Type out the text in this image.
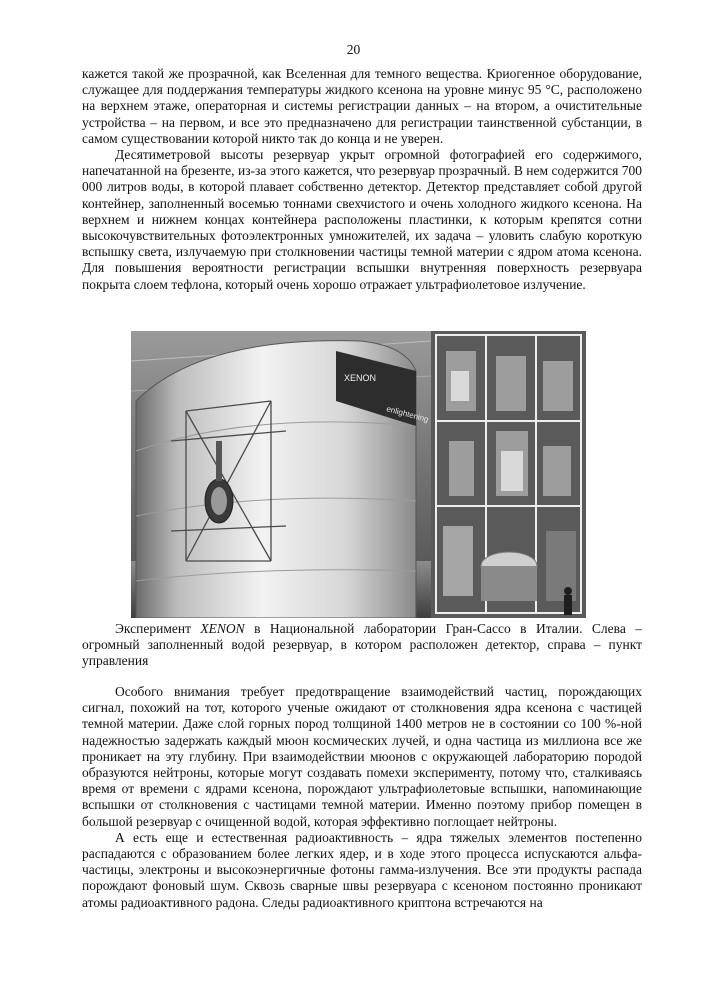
20

кажется такой же прозрачной, как Вселенная для темного вещества. Криогенное оборудование, служащее для поддержания температуры жидкого ксенона на уровне минус 95 °С, расположено на верхнем этаже, операторная и системы регистрации данных – на втором, а очистительные устройства – на первом, и все это предназначено для регистрации таинственной субстанции, в самом существовании которой никто так до конца и не уверен.

Десятиметровой высоты резервуар укрыт огромной фотографией его содержимого, напечатанной на брезенте, из-за этого кажется, что резервуар прозрачный. В нем содержится 700 000 литров воды, в которой плавает собственно детектор. Детектор представляет собой другой контейнер, заполненный восемью тоннами свехчистого и очень холодного жидкого ксенона. На верхнем и нижнем концах контейнера расположены пластинки, к которым крепятся сотни высокочувствительных фотоэлектронных умножителей, их задача – уловить слабую короткую вспышку света, излучаемую при столкновении частицы темной материи с ядром атома ксенона. Для повышения вероятности регистрации вспышки внутренняя поверхность резервуара покрыта слоем тефлона, который очень хорошо отражает ультрафиолетовое излучение.

XENON
enlightening
Эксперимент XENON в Национальной лаборатории Гран-Сассо в Италии. Слева – огромный заполненный водой резервуар, в котором расположен детектор, справа – пункт управления

Особого внимания требует предотвращение взаимодействий частиц, порождающих сигнал, похожий на тот, которого ученые ожидают от столкновения ядра ксенона с частицей темной материи. Даже слой горных пород толщиной 1400 метров не в состоянии со 100 %-ной надежностью задержать каждый мюон космических лучей, и одна частица из миллиона все же проникает на эту глубину. При взаимодействии мюонов с окружающей лабораторию породой образуются нейтроны, которые могут создавать помехи эксперименту, потому что, сталкиваясь время от времени с ядрами ксенона, порождают ультрафиолетовые вспышки, напоминающие вспышки от столкновения с частицами темной материи. Именно поэтому прибор помещен в большой резервуар с очищенной водой, которая эффективно поглощает нейтроны.

А есть еще и естественная радиоактивность – ядра тяжелых элементов постепенно распадаются с образованием более легких ядер, и в ходе этого процесса испускаются альфа-частицы, электроны и высокоэнергичные фотоны гамма-излучения. Все эти продукты распада порождают фоновый шум. Сквозь сварные швы резервуара с ксеноном постоянно проникают атомы радиоактивного радона. Следы радиоактивного криптона встречаются на
